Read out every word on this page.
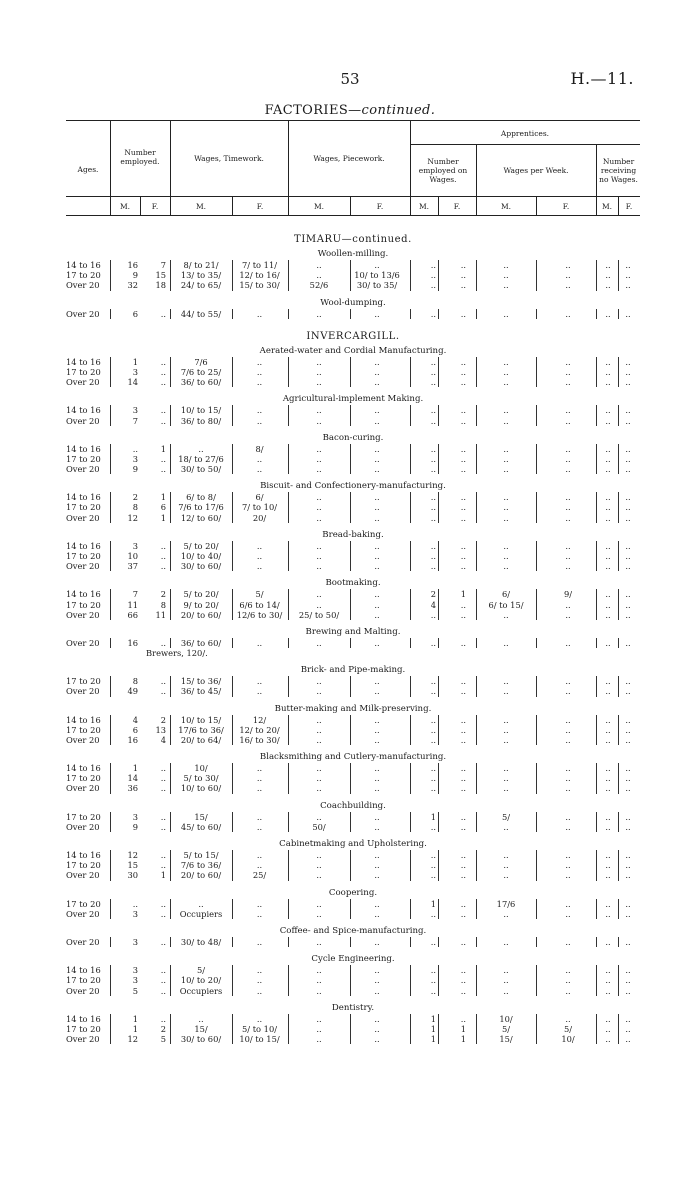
53	H.—11.
FACTORIES—continued.
Ages.
Number employed.	Wages, Timework.	Wages, Piecework.
Apprentices.
Number employed on Wages.
Wages per Week.
Number receiving no Wages.
M.	F.	M.	F.	M.	F.	M.	F.	M.	F.	M.	F.
TIMARU—continued.
Woollen-milling.
14 to 16	16	7	8/ to 21/	7/ to 11/	..	..	..	..	..	..	..	..
17 to 20	9	15	13/ to 35/	12/ to 16/	..	10/ to 13/6	..	..	..	..	..	..
Over 20	32	18	24/ to 65/	15/ to 30/	52/6	30/ to 35/	..	..	..	..	..	..
Wool-dumping.
Over 20	6	..	44/ to 55/	..	..	..	..	..	..	..	..	..
INVERCARGILL.
Aerated-water and Cordial Manufacturing.
14 to 16	1	..	7/6	..	..	..	..	..	..	..	..	..
17 to 20	3	..	7/6 to 25/	..	..	..	..	..	..	..	..	..
Over 20	14	..	36/ to 60/	..	..	..	..	..	..	..	..	..
Agricultural-implement Making.
14 to 16	3	..	10/ to 15/	..	..	..	..	..	..	..	..	..
Over 20	7	..	36/ to 80/	..	..	..	..	..	..	..	..	..
Bacon-curing.
14 to 16	..	1	..	8/	..	..	..	..	..	..	..	..
17 to 20	3	..	18/ to 27/6	..	..	..	..	..	..	..	..	..
Over 20	9	..	30/ to 50/	..	..	..	..	..	..	..	..	..
Biscuit- and Confectionery-manufacturing.
14 to 16	2	1	6/ to 8/	6/	..	..	..	..	..	..	..	..
17 to 20	8	6	7/6 to 17/6	7/ to 10/	..	..	..	..	..	..	..	..
Over 20	12	1	12/ to 60/	20/	..	..	..	..	..	..	..	..
Bread-baking.
14 to 16	3	..	5/ to 20/	..	..	..	..	..	..	..	..	..
17 to 20	10	..	10/ to 40/	..	..	..	..	..	..	..	..	..
Over 20	37	..	30/ to 60/	..	..	..	..	..	..	..	..	..
Bootmaking.
14 to 16	7	2	5/ to 20/	5/	..	..	2	1	6/	9/	..	..
17 to 20	11	8	9/ to 20/	6/6 to 14/	..	..	4	..	6/ to 15/	..	..	..
Over 20	66	11	20/ to 60/	12/6 to 30/	25/ to 50/	..	..	..	..	..	..	..
Brewing and Malting.
Over 20	16	..	36/ to 60/	..	..	..	..	..	..	..	..	..
Brewers, 120/.
Brick- and Pipe-making.
17 to 20	8	..	15/ to 36/	..	..	..	..	..	..	..	..	..
Over 20	49	..	36/ to 45/	..	..	..	..	..	..	..	..	..
Butter-making and Milk-preserving.
14 to 16	4	2	10/ to 15/	12/	..	..	..	..	..	..	..	..
17 to 20	6	13	17/6 to 36/	12/ to 20/	..	..	..	..	..	..	..	..
Over 20	16	4	20/ to 64/	16/ to 30/	..	..	..	..	..	..	..	..
Blacksmithing and Cutlery-manufacturing.
14 to 16	1	..	10/	..	..	..	..	..	..	..	..	..
17 to 20	14	..	5/ to 30/	..	..	..	..	..	..	..	..	..
Over 20	36	..	10/ to 60/	..	..	..	..	..	..	..	..	..
Coachbuilding.
17 to 20	3	..	15/	..	..	..	1	..	5/	..	..	..
Over 20	9	..	45/ to 60/	..	50/	..	..	..	..	..	..	..
Cabinetmaking and Upholstering.
14 to 16	12	..	5/ to 15/	..	..	..	..	..	..	..	..	..
17 to 20	15	..	7/6 to 36/	..	..	..	..	..	..	..	..	..
Over 20	30	1	20/ to 60/	25/	..	..	..	..	..	..	..	..
Coopering.
17 to 20	..	..	..	..	..	..	1	..	17/6	..	..	..
Over 20	3	..	Occupiers	..	..	..	..	..	..	..	..	..
Coffee- and Spice-manufacturing.
Over 20	3	..	30/ to 48/	..	..	..	..	..	..	..	..	..
Cycle Engineering.
14 to 16	3	..	5/	..	..	..	..	..	..	..	..	..
17 to 20	3	..	10/ to 20/	..	..	..	..	..	..	..	..	..
Over 20	5	..	Occupiers	..	..	..	..	..	..	..	..	..
Dentistry.
14 to 16	1	..	..	..	..	..	1	..	10/	..	..	..
17 to 20	1	2	15/	5/ to 10/	..	..	1	1	5/	5/	..	..
Over 20	12	5	30/ to 60/	10/ to 15/	..	..	1	1	15/	10/	..	..
